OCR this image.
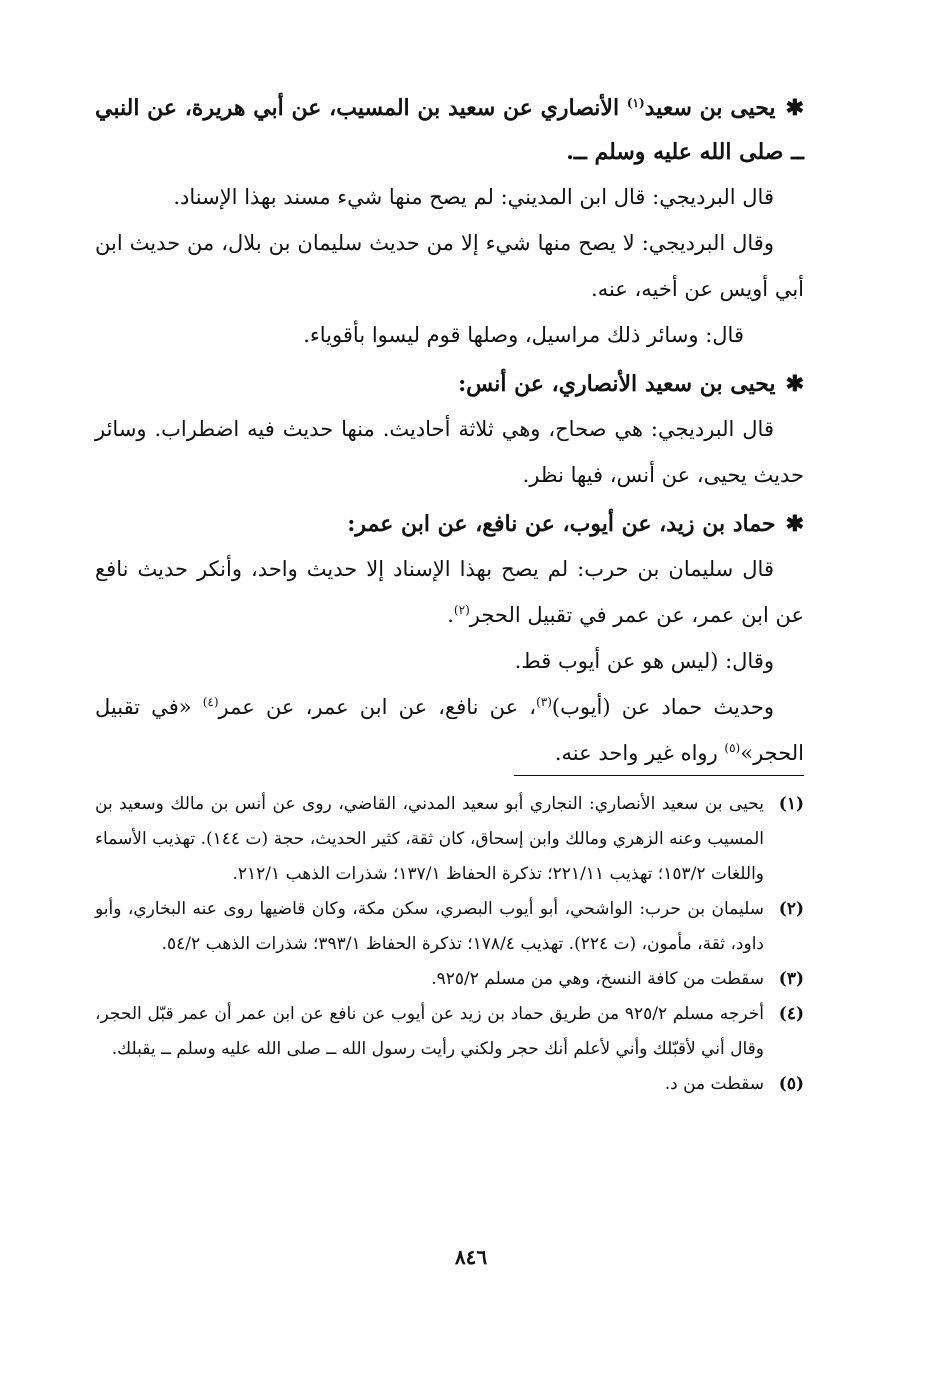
✱يحيى بن سعيد$^{(١)}$ الأنصاري عن سعيد بن المسيب، عن أبي هريرة، عن النبي ــ صلى الله عليه وسلم ــ.

قال البرديجي: قال ابن المديني: لم يصح منها شيء مسند بهذا الإسناد.

وقال البرديجي: لا يصح منها شيء إلا من حديث سليمان بن بلال، من حديث ابن أبي أويس عن أخيه، عنه.

قال: وسائر ذلك مراسيل، وصلها قوم ليسوا بأقوياء.

✱يحيى بن سعيد الأنصاري، عن أنس:

قال البرديجي: هي صحاح، وهي ثلاثة أحاديث. منها حديث فيه اضطراب. وسائر حديث يحيى، عن أنس، فيها نظر.

✱حماد بن زيد، عن أيوب، عن نافع، عن ابن عمر:

قال سليمان بن حرب: لم يصح بهذا الإسناد إلا حديث واحد، وأنكر حديث نافع عن ابن عمر، عن عمر في تقبيل الحجر$^{(٢)}$.

وقال: (ليس هو عن أيوب قط.

وحديث حماد عن (أيوب)$^{(٣)}$، عن نافع، عن ابن عمر، عن عمر$^{(٤)}$ «في تقبيل الحجر»$^{(٥)}$ رواه غير واحد عنه.

(١)
يحيى بن سعيد الأنصاري: النجاري أبو سعيد المدني، القاضي، روى عن أنس بن مالك وسعيد بن المسيب وعنه الزهري ومالك وابن إسحاق، كان ثقة، كثير الحديث، حجة (ت ١٤٤). تهذيب الأسماء واللغات ١٥٣/٢؛ تهذيب ٢٢١/١١؛ تذكرة الحفاظ ١٣٧/١؛ شذرات الذهب ٢١٢/١.
(٢)
سليمان بن حرب: الواشحي، أبو أيوب البصري، سكن مكة، وكان قاضيها روى عنه البخاري، وأبو داود، ثقة، مأمون، (ت ٢٢٤). تهذيب ١٧٨/٤؛ تذكرة الحفاظ ٣٩٣/١؛ شذرات الذهب ٥٤/٢.
(٣)
سقطت من كافة النسخ، وهي من مسلم ٩٢٥/٢.
(٤)
أخرجه مسلم ٩٢٥/٢ من طريق حماد بن زيد عن أيوب عن نافع عن ابن عمر أن عمر قبّل الحجر، وقال أني لأقبّلك وأني لأعلم أنك حجر ولكني رأيت رسول الله ــ صلى الله عليه وسلم ــ يقبلك.
(٥)
سقطت من د.
٨٤٦
